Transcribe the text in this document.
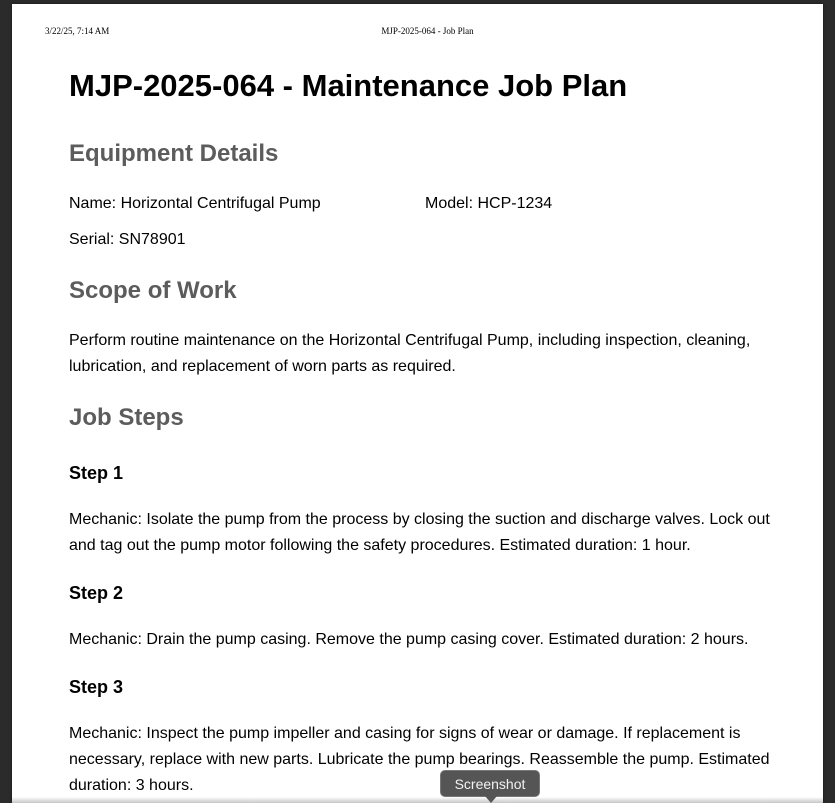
3/22/25, 7:14 AM	MJP-2025-064 - Job Plan
MJP-2025-064 - Maintenance Job Plan
Equipment Details
Name: Horizontal Centrifugal Pump	Model: HCP-1234
Serial: SN78901
Scope of Work

Perform routine maintenance on the Horizontal Centrifugal Pump, including inspection, cleaning, lubrication, and replacement of worn parts as required.

Job Steps
Step 1

Mechanic: Isolate the pump from the process by closing the suction and discharge valves. Lock out and tag out the pump motor following the safety procedures. Estimated duration: 1 hour.

Step 2

Mechanic: Drain the pump casing. Remove the pump casing cover. Estimated duration: 2 hours.

Step 3

Mechanic: Inspect the pump impeller and casing for signs of wear or damage. If replacement is necessary, replace with new parts. Lubricate the pump bearings. Reassemble the pump. Estimated duration: 3 hours.	Screenshot
